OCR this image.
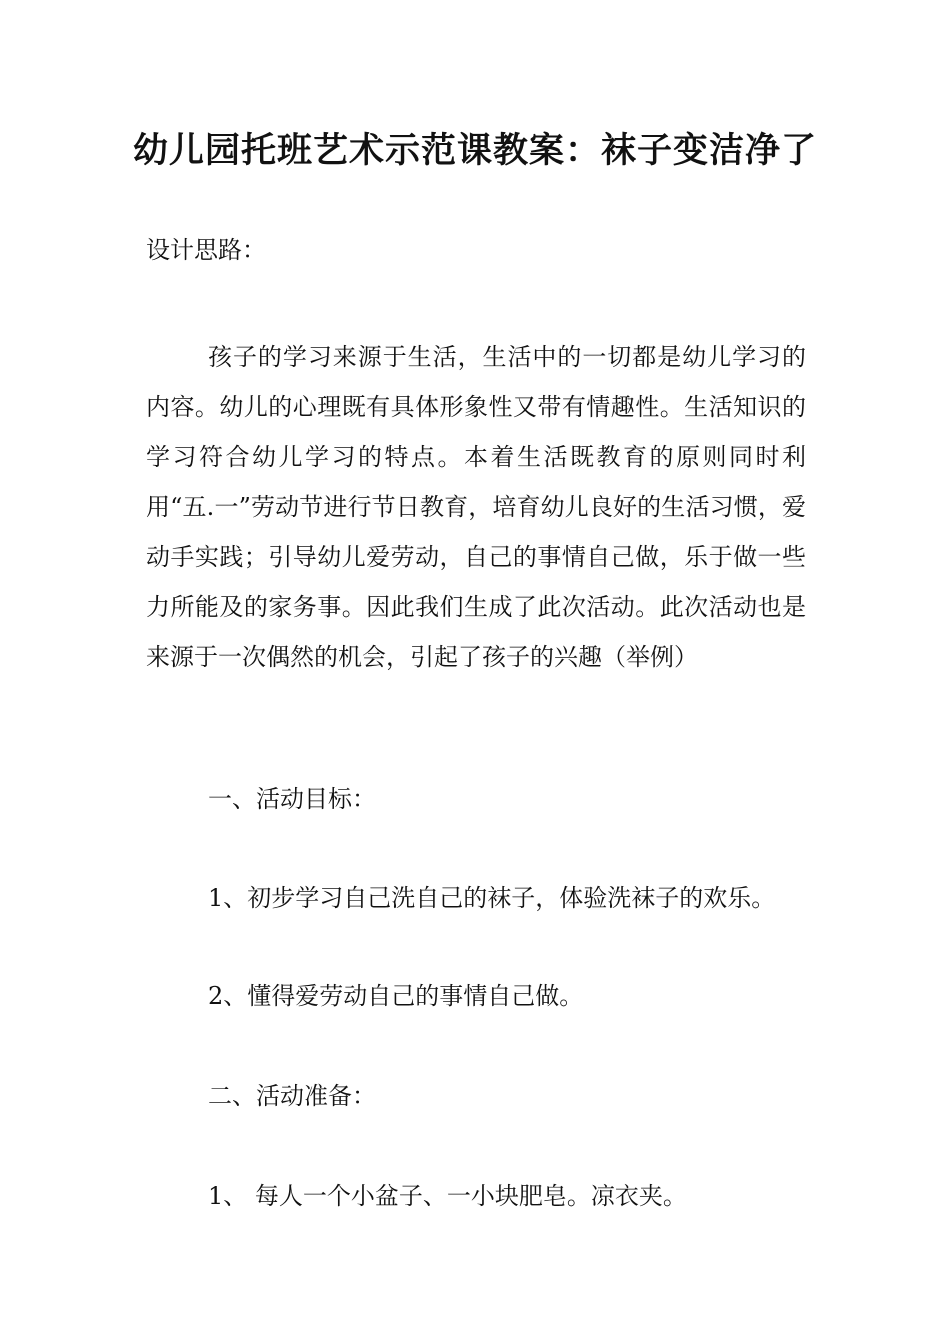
幼儿园托班艺术示范课教案：袜子变洁净了

设计思路：

孩子的学习来源于生活，生活中的一切都是幼儿学习的内容。幼儿的心理既有具体形象性又带有情趣性。生活知识的学习符合幼儿学习的特点。本着生活既教育的原则同时利用“五.一”劳动节进行节日教育，培育幼儿良好的生活习惯，爱动手实践；引导幼儿爱劳动，自己的事情自己做，乐于做一些力所能及的家务事。因此我们生成了此次活动。此次活动也是来源于一次偶然的机会，引起了孩子的兴趣（举例）

一、活动目标：

1、初步学习自己洗自己的袜子，体验洗袜子的欢乐。

2、懂得爱劳动自己的事情自己做。

二、活动准备：

1、 每人一个小盆子、一小块肥皂。凉衣夹。
